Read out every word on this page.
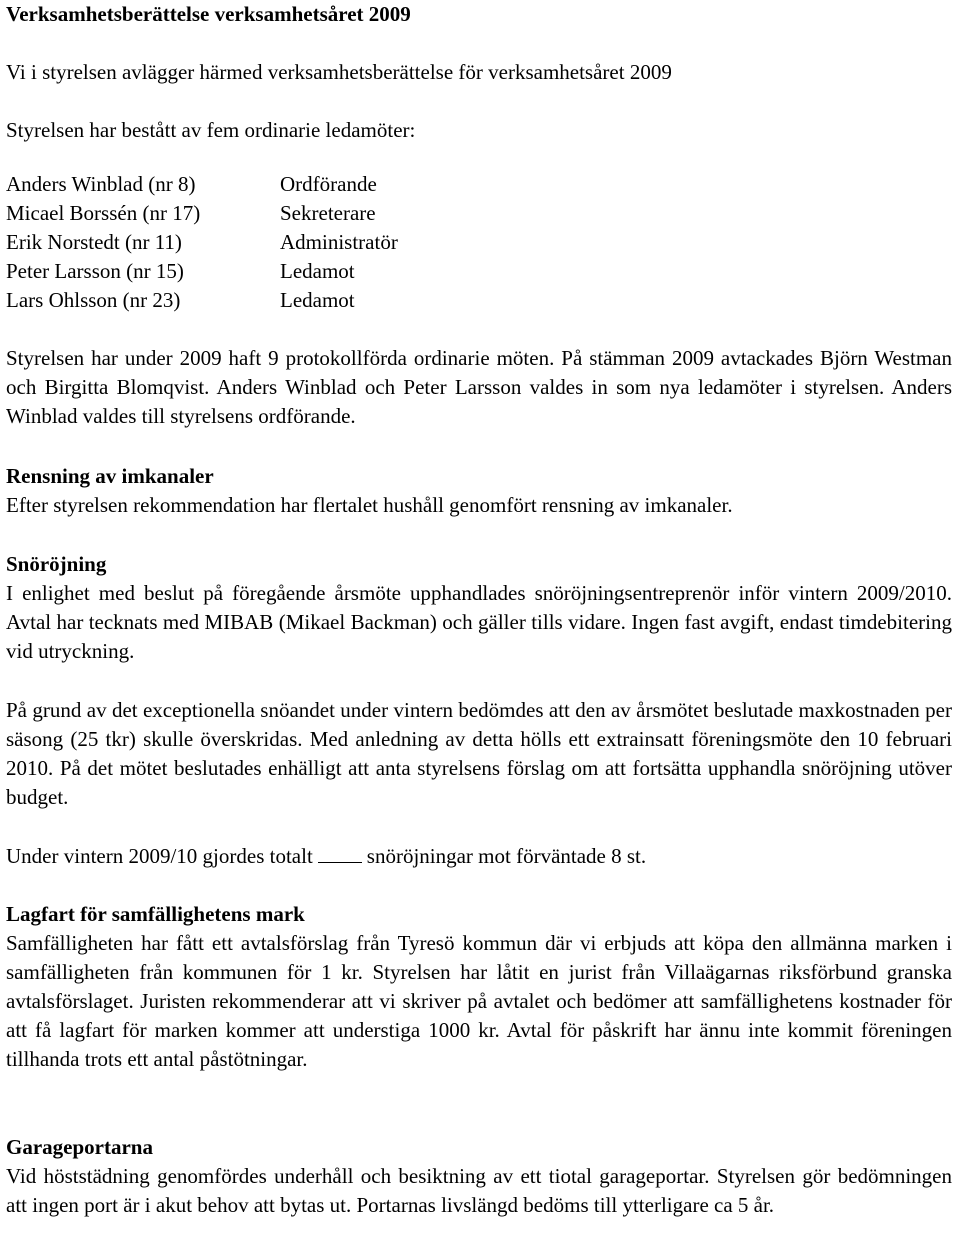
Verksamhetsberättelse verksamhetsåret 2009

Vi i styrelsen avlägger härmed verksamhetsberättelse för verksamhetsåret 2009

Styrelsen har bestått av fem ordinarie ledamöter:

Anders Winblad (nr 8)	Ordförande
Micael Borssén (nr 17)	Sekreterare
Erik Norstedt (nr 11)	Administratör
Peter Larsson (nr 15)	Ledamot
Lars Ohlsson (nr 23)	Ledamot

Styrelsen har under 2009 haft 9 protokollförda ordinarie möten. På stämman 2009 avtackades Björn Westman och Birgitta Blomqvist. Anders Winblad och Peter Larsson valdes in som nya ledamöter i styrelsen. Anders Winblad valdes till styrelsens ordförande.

Rensning av imkanaler

Efter styrelsen rekommendation har flertalet hushåll genomfört rensning av imkanaler.

Snöröjning

I enlighet med beslut på föregående årsmöte upphandlades snöröjningsentreprenör inför vintern 2009/2010. Avtal har tecknats med MIBAB (Mikael Backman) och gäller tills vidare. Ingen fast avgift, endast timdebitering vid utryckning.

På grund av det exceptionella snöandet under vintern bedömdes att den av årsmötet beslutade maxkostnaden per säsong (25 tkr) skulle överskridas. Med anledning av detta hölls ett extrainsatt föreningsmöte den 10 februari 2010. På det mötet beslutades enhälligt att anta styrelsens förslag om att fortsätta upphandla snöröjning utöver budget.

Under vintern 2009/10 gjordes totalt	snöröjningar mot förväntade 8 st.

Lagfart för samfällighetens mark

Samfälligheten har fått ett avtalsförslag från Tyresö kommun där vi erbjuds att köpa den allmänna marken i samfälligheten från kommunen för 1 kr. Styrelsen har låtit en jurist från Villaägarnas riksförbund granska avtalsförslaget. Juristen rekommenderar att vi skriver på avtalet och bedömer att samfällighetens kostnader för att få lagfart för marken kommer att understiga 1000 kr. Avtal för påskrift har ännu inte kommit föreningen tillhanda trots ett antal påstötningar.

Garageportarna

Vid höststädning genomfördes underhåll och besiktning av ett tiotal garageportar. Styrelsen gör bedömningen att ingen port är i akut behov att bytas ut. Portarnas livslängd bedöms till ytterligare ca 5 år.
